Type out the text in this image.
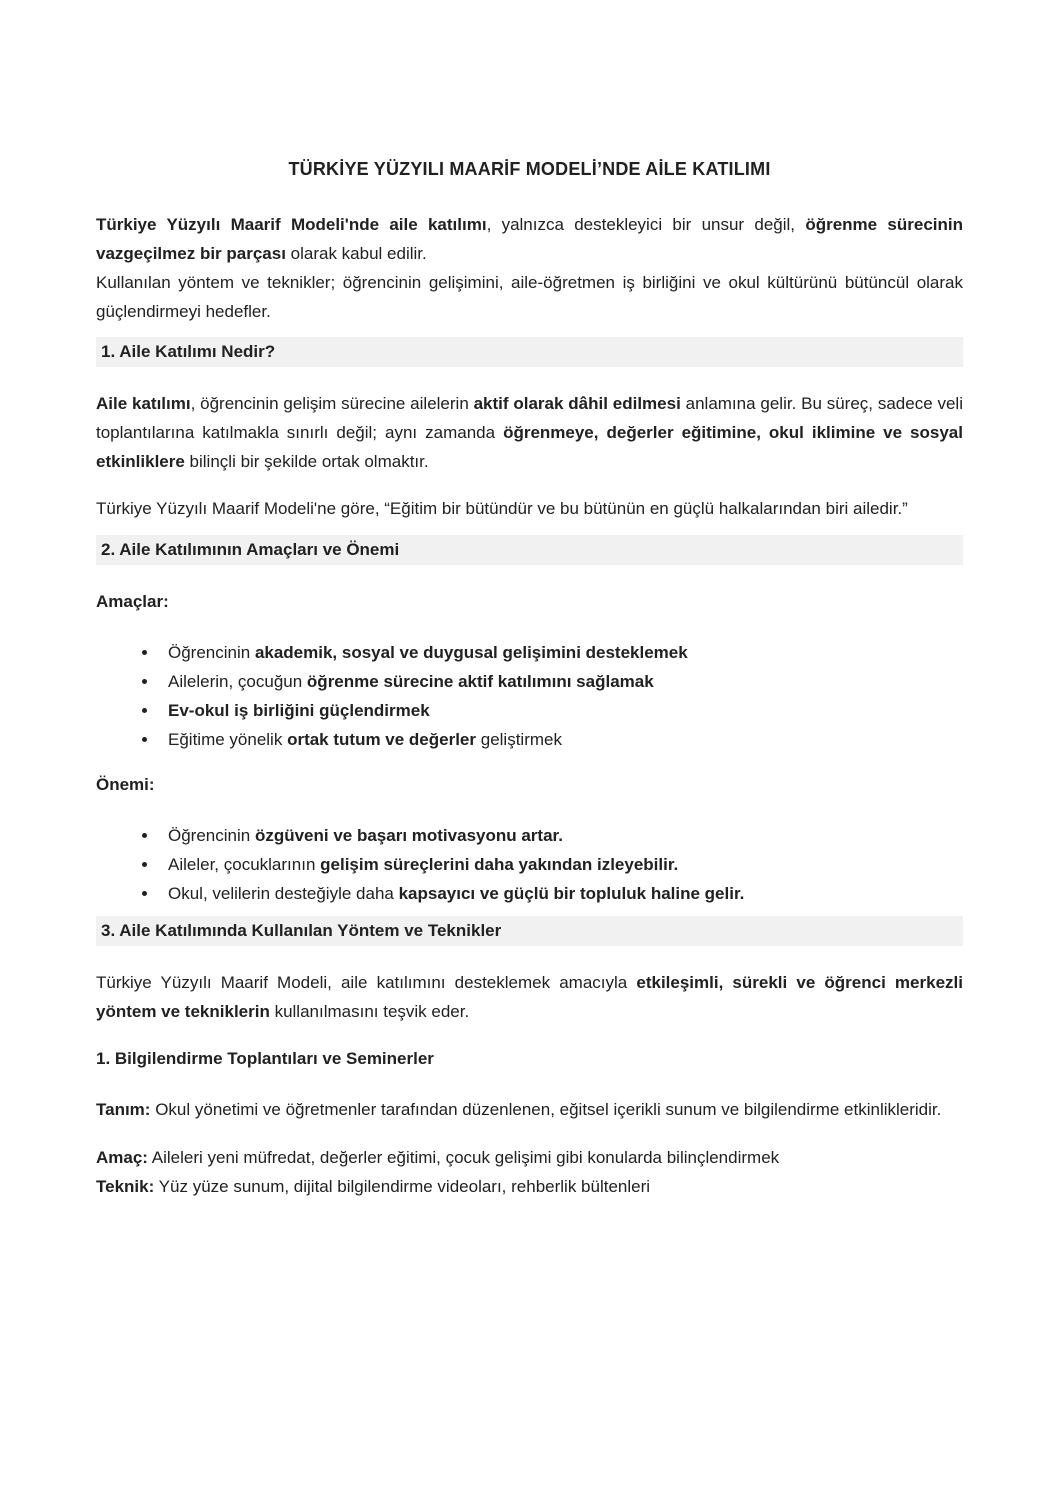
TÜRKİYE YÜZYILI MAARİF MODELİ’NDE AİLE KATILIMI

Türkiye Yüzyılı Maarif Modeli'nde aile katılımı, yalnızca destekleyici bir unsur değil, öğrenme sürecinin vazgeçilmez bir parçası olarak kabul edilir.

Kullanılan yöntem ve teknikler; öğrencinin gelişimini, aile-öğretmen iş birliğini ve okul kültürünü bütüncül olarak güçlendirmeyi hedefler.

1. Aile Katılımı Nedir?

Aile katılımı, öğrencinin gelişim sürecine ailelerin aktif olarak dâhil edilmesi anlamına gelir. Bu süreç, sadece veli toplantılarına katılmakla sınırlı değil; aynı zamanda öğrenmeye, değerler eğitimine, okul iklimine ve sosyal etkinliklere bilinçli bir şekilde ortak olmaktır.

Türkiye Yüzyılı Maarif Modeli'ne göre, “Eğitim bir bütündür ve bu bütünün en güçlü halkalarından biri ailedir.”

2. Aile Katılımının Amaçları ve Önemi

Amaçlar:

Öğrencinin akademik, sosyal ve duygusal gelişimini desteklemek
Ailelerin, çocuğun öğrenme sürecine aktif katılımını sağlamak
Ev-okul iş birliğini güçlendirmek
Eğitime yönelik ortak tutum ve değerler geliştirmek

Önemi:

Öğrencinin özgüveni ve başarı motivasyonu artar.
Aileler, çocuklarının gelişim süreçlerini daha yakından izleyebilir.
Okul, velilerin desteğiyle daha kapsayıcı ve güçlü bir topluluk haline gelir.
3. Aile Katılımında Kullanılan Yöntem ve Teknikler

Türkiye Yüzyılı Maarif Modeli, aile katılımını desteklemek amacıyla etkileşimli, sürekli ve öğrenci merkezli yöntem ve tekniklerin kullanılmasını teşvik eder.

1. Bilgilendirme Toplantıları ve Seminerler

Tanım: Okul yönetimi ve öğretmenler tarafından düzenlenen, eğitsel içerikli sunum ve bilgilendirme etkinlikleridir.

Amaç: Aileleri yeni müfredat, değerler eğitimi, çocuk gelişimi gibi konularda bilinçlendirmek
Teknik: Yüz yüze sunum, dijital bilgilendirme videoları, rehberlik bültenleri
